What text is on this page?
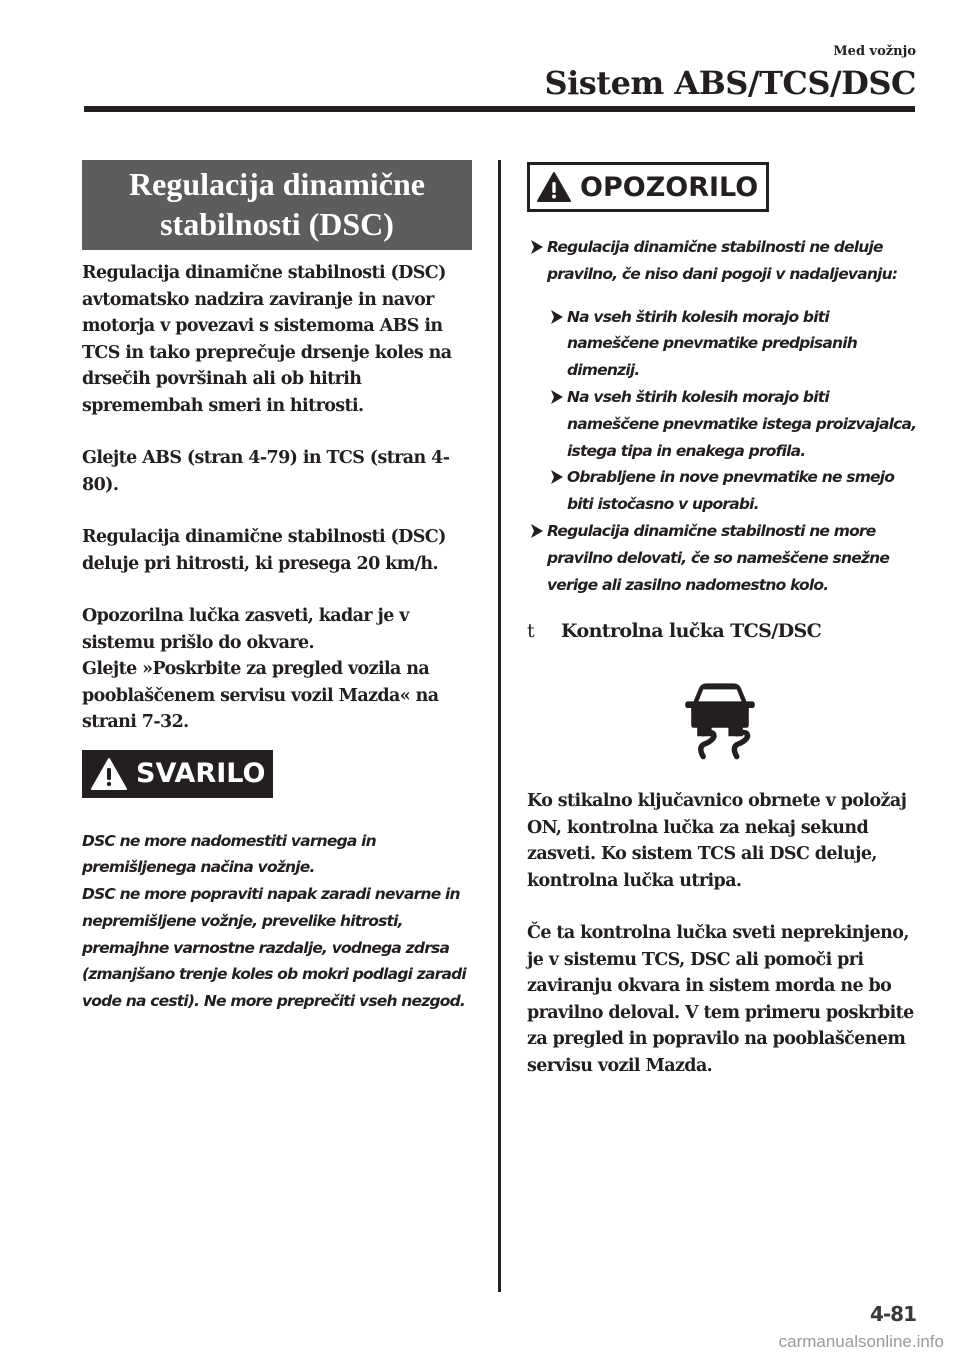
Med vožnjo
Sistem ABS/TCS/DSC
Regulacija dinamične
stabilnosti (DSC)

Regulacija dinamične stabilnosti (DSC) avtomatsko nadzira zaviranje in navor motorja v povezavi s sistemoma ABS in TCS in tako preprečuje drsenje koles na drsečih površinah ali ob hitrih spremembah smeri in hitrosti.

Glejte ABS (stran 4-79) in TCS (stran 4-80).

Regulacija dinamične stabilnosti (DSC) deluje pri hitrosti, ki presega 20 km/h.

Opozorilna lučka zasveti, kadar je v sistemu prišlo do okvare.

Glejte »Poskrbite za pregled vozila na pooblaščenem servisu vozil Mazda« na strani 7-32.

SVARILO

DSC ne more nadomestiti varnega in premišljenega načina vožnje.

DSC ne more popraviti napak zaradi nevarne in nepremišljene vožnje, prevelike hitrosti, premajhne varnostne razdalje, vodnega zdrsa (zmanjšano trenje koles ob mokri podlagi zaradi vode na cesti). Ne more preprečiti vseh nezgod.

OPOZORILO

Regulacija dinamične stabilnosti ne deluje pravilno, če niso dani pogoji v nadaljevanju:

Na vseh štirih kolesih morajo biti nameščene pnevmatike predpisanih dimenzij.

Na vseh štirih kolesih morajo biti nameščene pnevmatike istega proizvajalca, istega tipa in enakega profila.

Obrabljene in nove pnevmatike ne smejo biti istočasno v uporabi.

Regulacija dinamične stabilnosti ne more pravilno delovati, če so nameščene snežne verige ali zasilno nadomestno kolo.

t	Kontrolna lučka TCS/DSC

Ko stikalno ključavnico obrnete v položaj ON, kontrolna lučka za nekaj sekund zasveti. Ko sistem TCS ali DSC deluje, kontrolna lučka utripa.

Če ta kontrolna lučka sveti neprekinjeno, je v sistemu TCS, DSC ali pomoči pri zaviranju okvara in sistem morda ne bo pravilno deloval. V tem primeru poskrbite za pregled in popravilo na pooblaščenem servisu vozil Mazda.

4-81
carmanualsonline.info
